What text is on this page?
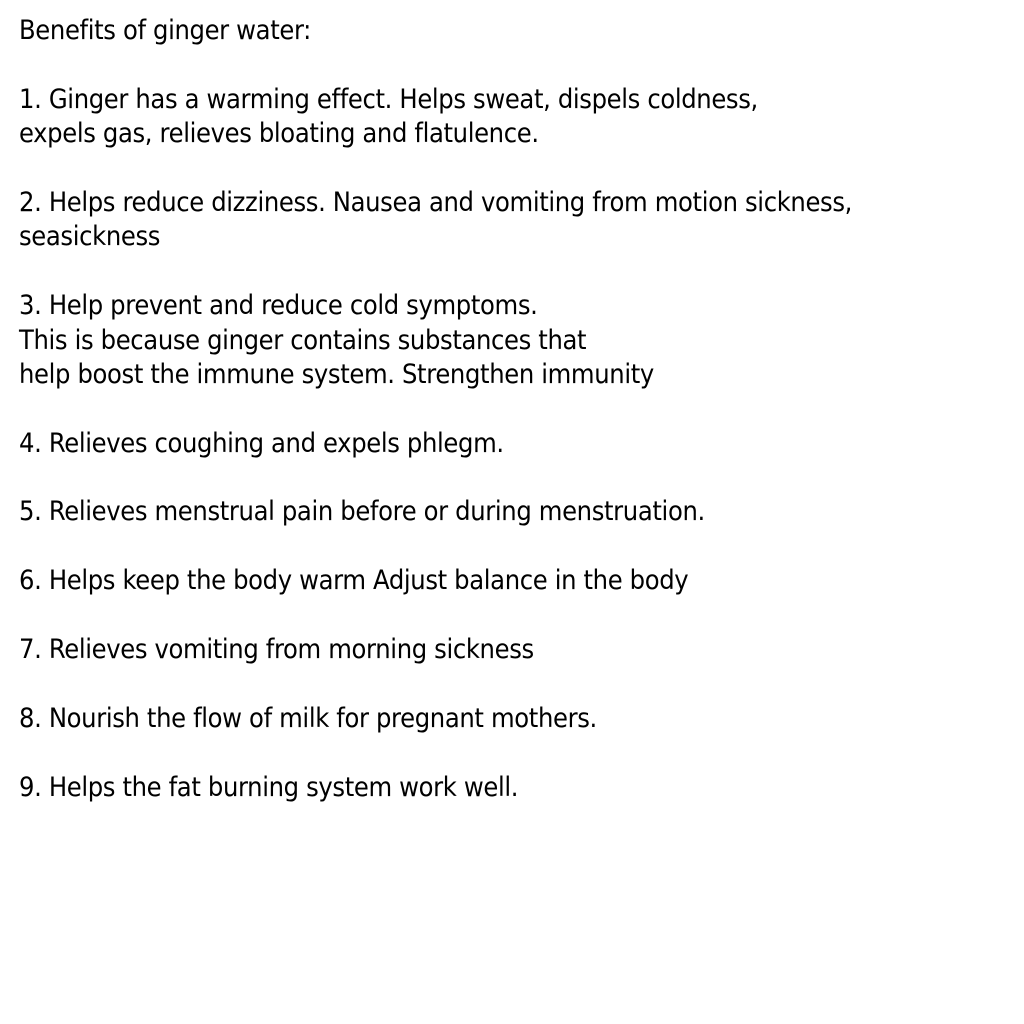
Benefits of ginger water:
1. Ginger has a warming effect. Helps sweat, dispels coldness,
expels gas, relieves bloating and flatulence.
2. Helps reduce dizziness. Nausea and vomiting from motion sickness,
seasickness
3. Help prevent and reduce cold symptoms.
This is because ginger contains substances that
help boost the immune system. Strengthen immunity
4. Relieves coughing and expels phlegm.
5. Relieves menstrual pain before or during menstruation.
6. Helps keep the body warm Adjust balance in the body
7. Relieves vomiting from morning sickness
8. Nourish the flow of milk for pregnant mothers.
9. Helps the fat burning system work well.
